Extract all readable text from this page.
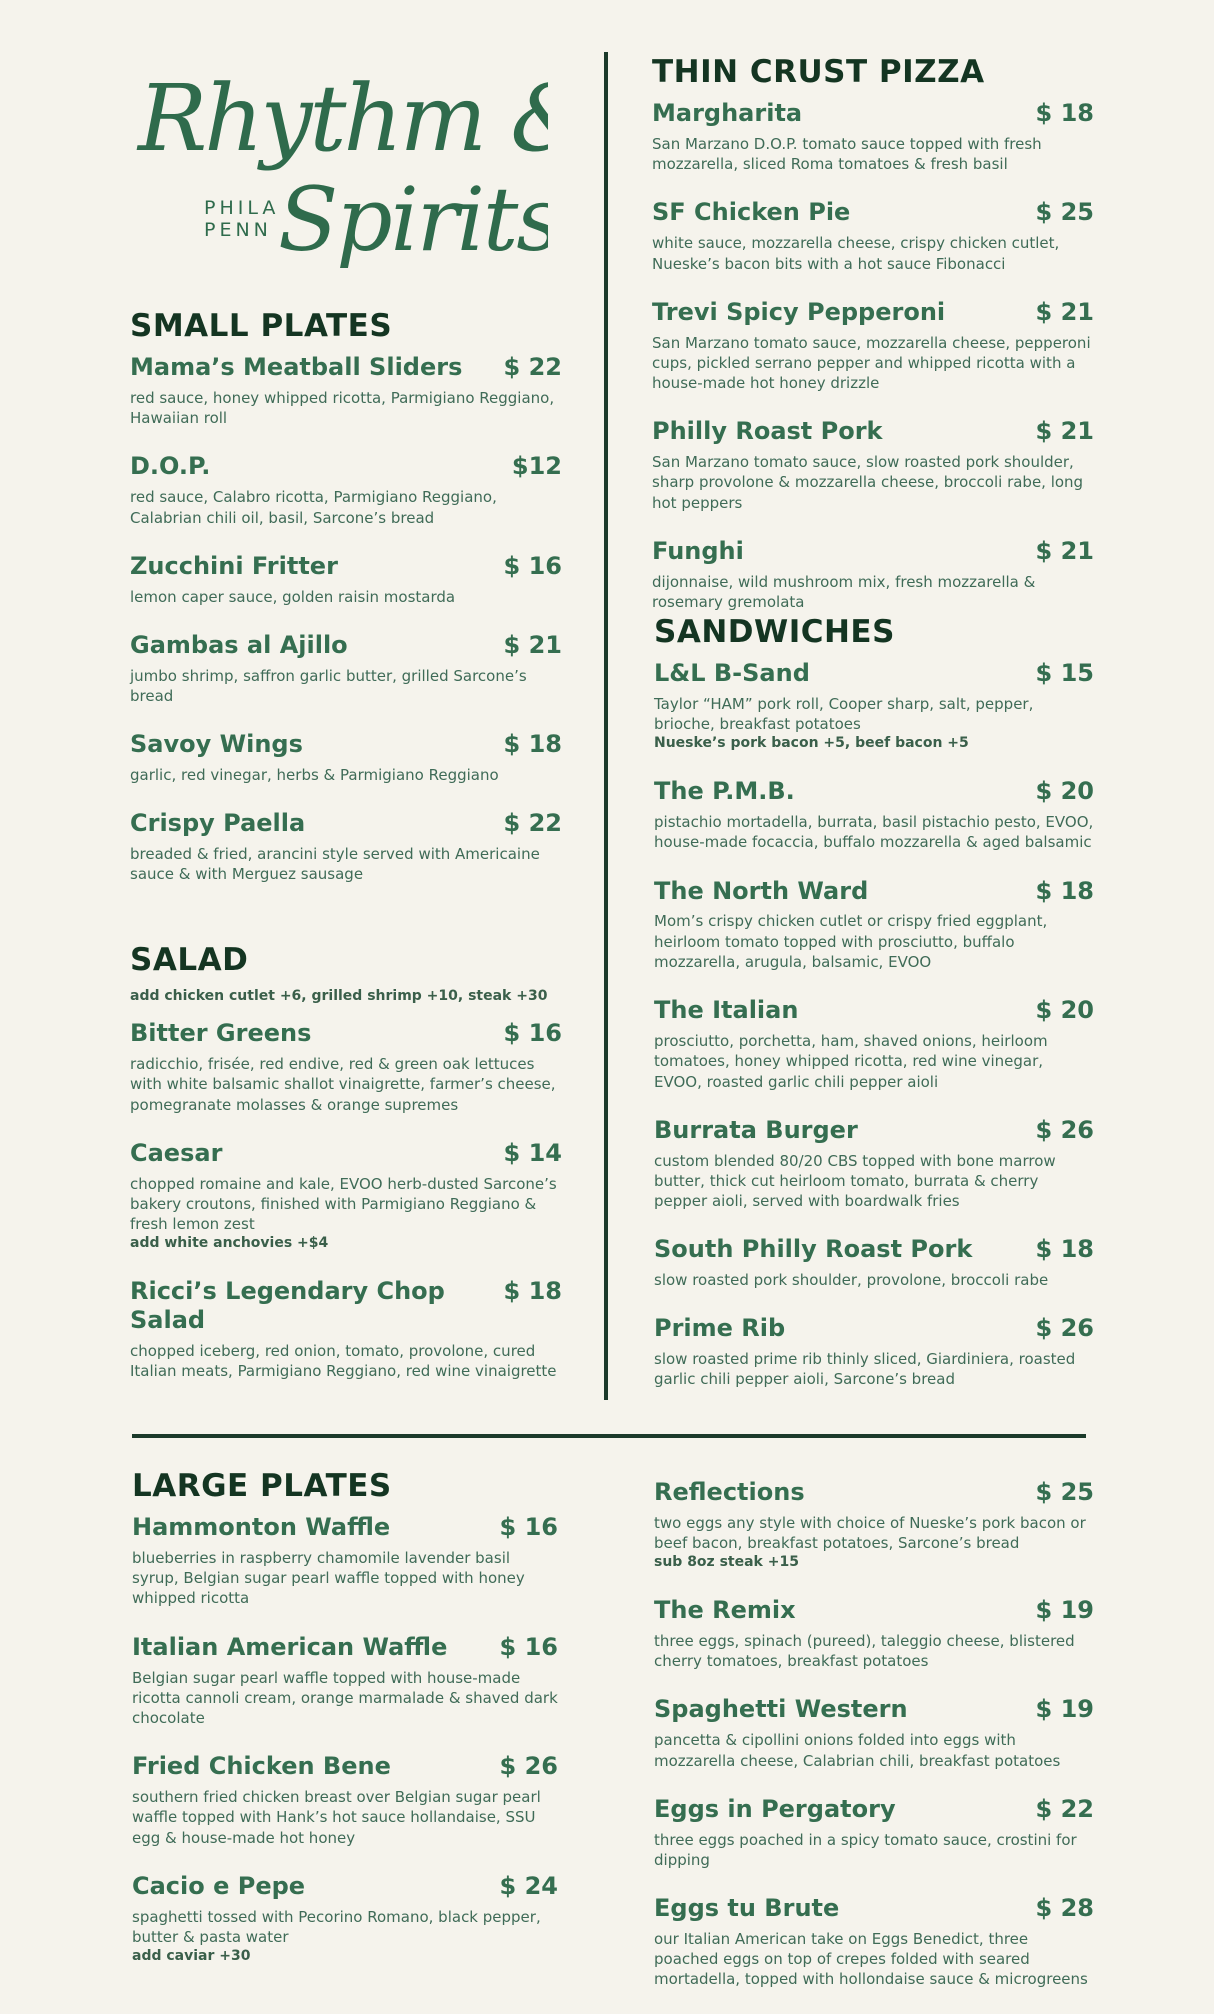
Rhythm &
Spirits
PHILA
PENN
SMALL PLATES
Mama’s Meatball Sliders $ 22
red sauce, honey whipped ricotta, Parmigiano Reggiano, Hawaiian roll
D.O.P.	$12
red sauce, Calabro ricotta, Parmigiano Reggiano, Calabrian chili oil, basil, Sarcone’s bread
Zucchini Fritter	$ 16
lemon caper sauce, golden raisin mostarda
Gambas al Ajillo	$ 21
jumbo shrimp, saffron garlic butter, grilled Sarcone’s bread
Savoy Wings	$ 18
garlic, red vinegar, herbs & Parmigiano Reggiano
Crispy Paella	$ 22
breaded & fried, arancini style served with Americaine sauce & with Merguez sausage
SALAD
add chicken cutlet +6, grilled shrimp +10, steak +30
Bitter Greens	$ 16
radicchio, frisée, red endive, red & green oak lettuces with white balsamic shallot vinaigrette, farmer’s cheese, pomegranate molasses & orange supremes
Caesar	$ 14
chopped romaine and kale, EVOO herb-dusted Sarcone’s bakery croutons, finished with Parmigiano Reggiano & fresh lemon zest
add white anchovies +$4
Ricci’s Legendary Chop Salad
$ 18
chopped iceberg, red onion, tomato, provolone, cured Italian meats, Parmigiano Reggiano, red wine vinaigrette
THIN CRUST PIZZA
Margharita	$ 18
San Marzano D.O.P. tomato sauce topped with fresh mozzarella, sliced Roma tomatoes & fresh basil
SF Chicken Pie	$ 25
white sauce, mozzarella cheese, crispy chicken cutlet, Nueske’s bacon bits with a hot sauce Fibonacci
Trevi Spicy Pepperoni	$ 21
San Marzano tomato sauce, mozzarella cheese, pepperoni cups, pickled serrano pepper and whipped ricotta with a house-made hot honey drizzle
Philly Roast Pork	$ 21
San Marzano tomato sauce, slow roasted pork shoulder, sharp provolone & mozzarella cheese, broccoli rabe, long hot peppers
Funghi	$ 21
dijonnaise, wild mushroom mix, fresh mozzarella & rosemary gremolata
SANDWICHES
L&L B-Sand	$ 15
Taylor “HAM” pork roll, Cooper sharp, salt, pepper, brioche, breakfast potatoes
Nueske’s pork bacon +5, beef bacon +5
The P.M.B.	$ 20
pistachio mortadella, burrata, basil pistachio pesto, EVOO, house-made focaccia, buffalo mozzarella & aged balsamic
The North Ward	$ 18
Mom’s crispy chicken cutlet or crispy fried eggplant, heirloom tomato topped with prosciutto, buffalo mozzarella, arugula, balsamic, EVOO
The Italian	$ 20
prosciutto, porchetta, ham, shaved onions, heirloom tomatoes, honey whipped ricotta, red wine vinegar, EVOO, roasted garlic chili pepper aioli
Burrata Burger	$ 26
custom blended 80/20 CBS topped with bone marrow butter, thick cut heirloom tomato, burrata & cherry pepper aioli, served with boardwalk fries
South Philly Roast Pork	$ 18
slow roasted pork shoulder, provolone, broccoli rabe
Prime Rib	$ 26
slow roasted prime rib thinly sliced, Giardiniera, roasted garlic chili pepper aioli, Sarcone’s bread
LARGE PLATES
Hammonton Waffle	$ 16
blueberries in raspberry chamomile lavender basil syrup, Belgian sugar pearl waffle topped with honey whipped ricotta
Italian American Waffle $ 16
Belgian sugar pearl waffle topped with house-made ricotta cannoli cream, orange marmalade & shaved dark chocolate
Fried Chicken Bene	$ 26
southern fried chicken breast over Belgian sugar pearl waffle topped with Hank’s hot sauce hollandaise, SSU egg & house-made hot honey
Cacio e Pepe	$ 24
spaghetti tossed with Pecorino Romano, black pepper, butter & pasta water
add caviar +30
Reflections	$ 25
two eggs any style with choice of Nueske’s pork bacon or beef bacon, breakfast potatoes, Sarcone’s bread
sub 8oz steak +15
The Remix	$ 19
three eggs, spinach (pureed), taleggio cheese, blistered cherry tomatoes, breakfast potatoes
Spaghetti Western	$ 19
pancetta & cipollini onions folded into eggs with mozzarella cheese, Calabrian chili, breakfast potatoes
Eggs in Pergatory	$ 22
three eggs poached in a spicy tomato sauce, crostini for dipping
Eggs tu Brute	$ 28
our Italian American take on Eggs Benedict, three poached eggs on top of crepes folded with seared mortadella, topped with hollondaise sauce & microgreens
